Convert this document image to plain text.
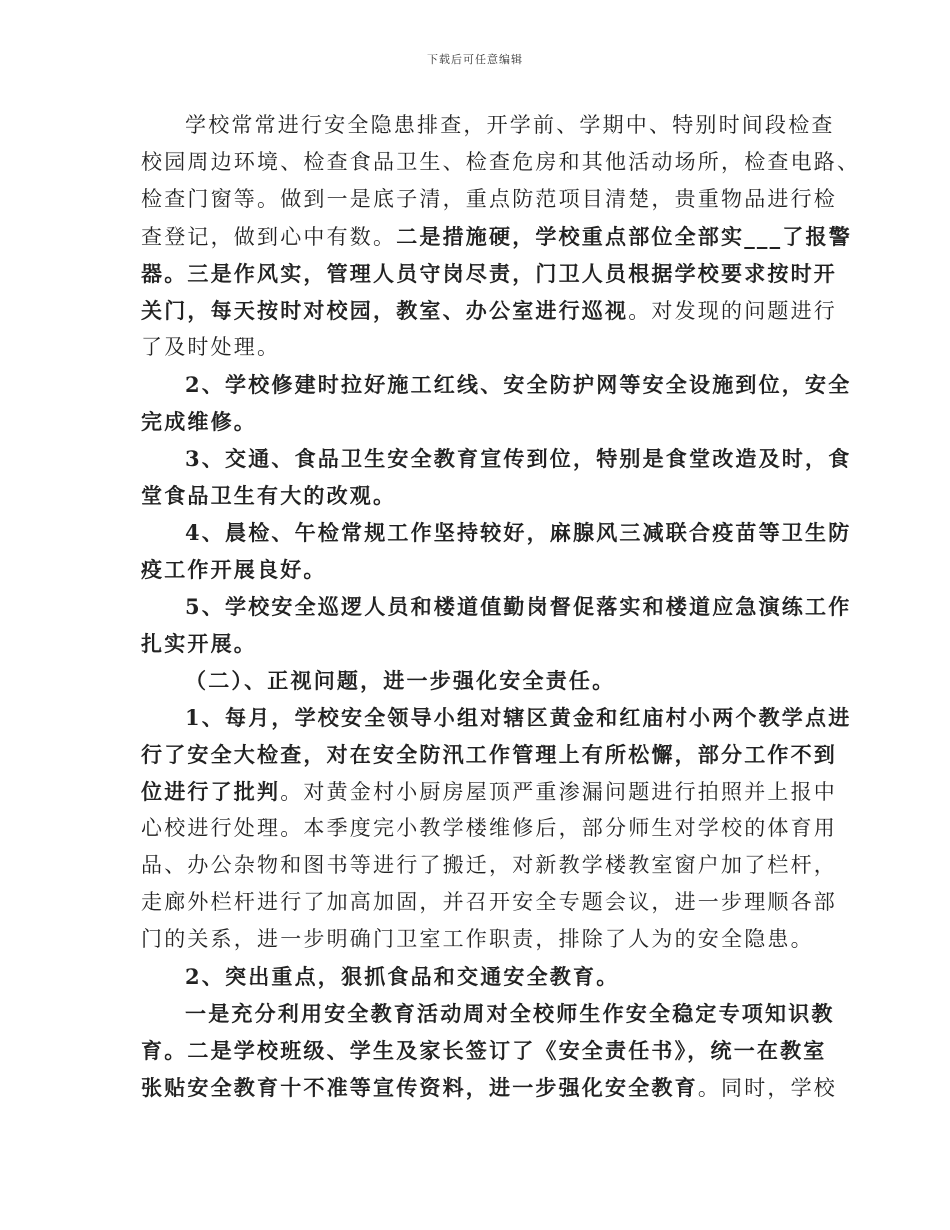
下载后可任意编辑
学校常常进行安全隐患排查，开学前、学期中、特别时间段检查
校园周边环境、检查食品卫生、检查危房和其他活动场所，检查电路、
检查门窗等。做到一是底子清，重点防范项目清楚，贵重物品进行检
查登记，做到心中有数。二是措施硬，学校重点部位全部实___了报警
器。三是作风实，管理人员守岗尽责，门卫人员根据学校要求按时开
关门，每天按时对校园，教室、办公室进行巡视。对发现的问题进行
了及时处理。
2、学校修建时拉好施工红线、安全防护网等安全设施到位，安全
完成维修。
3、交通、食品卫生安全教育宣传到位，特别是食堂改造及时，食
堂食品卫生有大的改观。
4、晨检、午检常规工作坚持较好，麻腺风三减联合疫苗等卫生防
疫工作开展良好。
5、学校安全巡逻人员和楼道值勤岗督促落实和楼道应急演练工作
扎实开展。
（二）、正视问题，进一步强化安全责任。
1、每月，学校安全领导小组对辖区黄金和红庙村小两个教学点进
行了安全大检查，对在安全防汛工作管理上有所松懈，部分工作不到
位进行了批判。对黄金村小厨房屋顶严重渗漏问题进行拍照并上报中
心校进行处理。本季度完小教学楼维修后，部分师生对学校的体育用
品、办公杂物和图书等进行了搬迁，对新教学楼教室窗户加了栏杆，
走廊外栏杆进行了加高加固，并召开安全专题会议，进一步理顺各部
门的关系，进一步明确门卫室工作职责，排除了人为的安全隐患。
2、突出重点，狠抓食品和交通安全教育。
一是充分利用安全教育活动周对全校师生作安全稳定专项知识教
育。二是学校班级、学生及家长签订了《安全责任书》，统一在教室
张贴安全教育十不准等宣传资料，进一步强化安全教育。同时，学校
